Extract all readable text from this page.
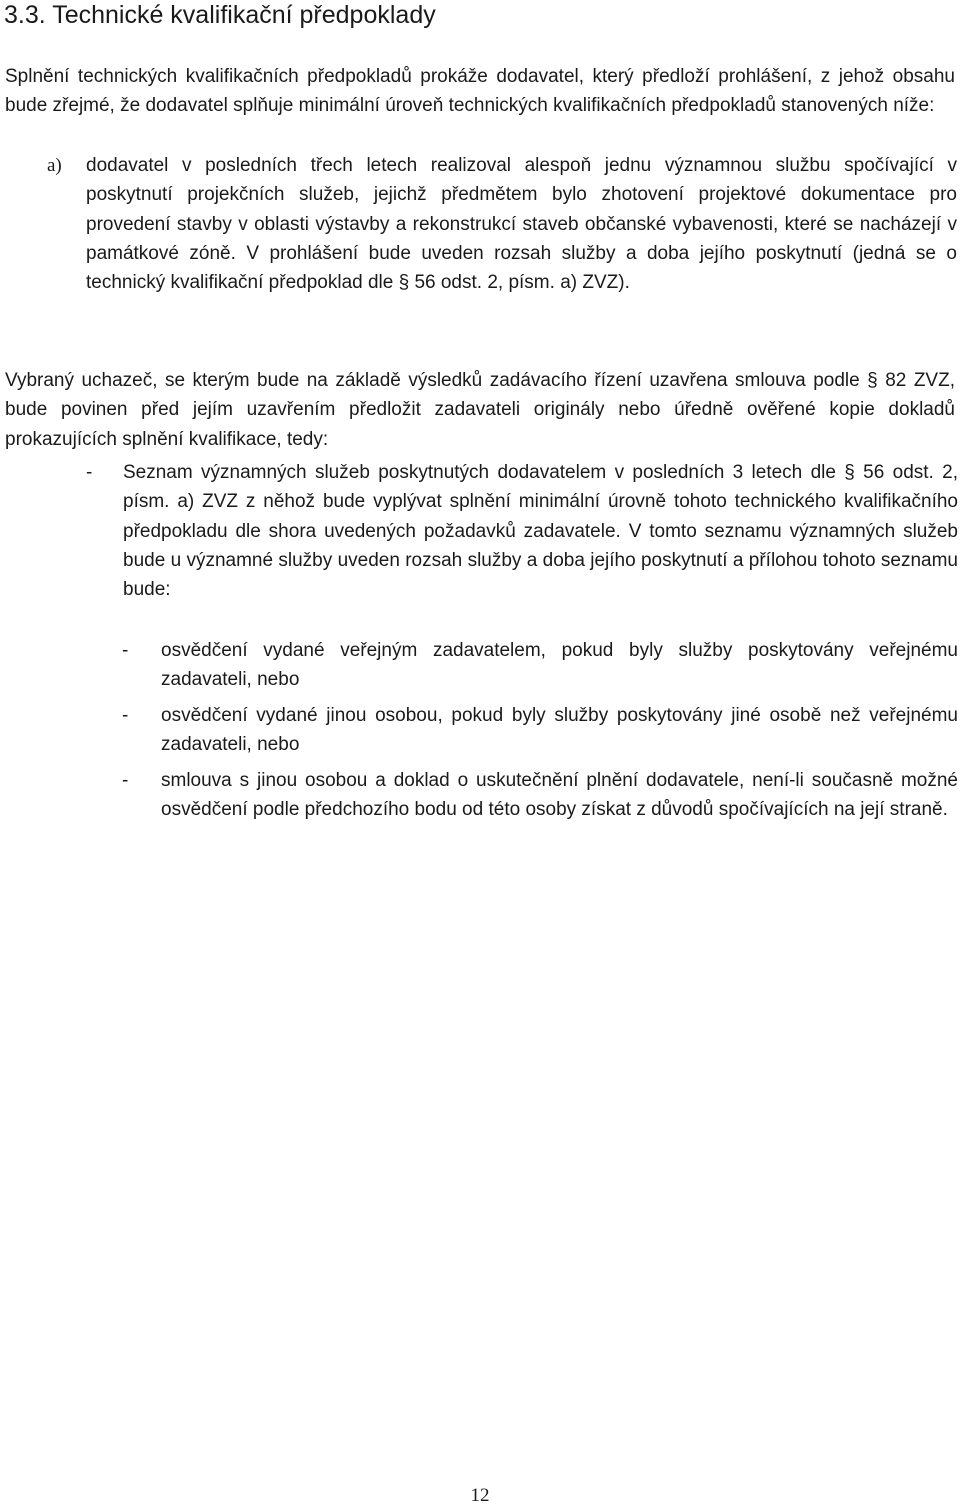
3.3. Technické kvalifikační předpoklady

Splnění technických kvalifikačních předpokladů prokáže dodavatel, který předloží prohlášení, z jehož obsahu bude zřejmé, že dodavatel splňuje minimální úroveň technických kvalifikačních předpokladů stanovených níže:

a) dodavatel v posledních třech letech realizoval alespoň jednu významnou službu spočívající v poskytnutí projekčních služeb, jejichž předmětem bylo zhotovení projektové dokumentace pro provedení stavby v oblasti výstavby a rekonstrukcí staveb občanské vybavenosti, které se nacházejí v památkové zóně. V prohlášení bude uveden rozsah služby a doba jejího poskytnutí (jedná se o technický kvalifikační předpoklad dle § 56 odst. 2, písm. a) ZVZ).

Vybraný uchazeč, se kterým bude na základě výsledků zadávacího řízení uzavřena smlouva podle § 82 ZVZ, bude povinen před jejím uzavřením předložit zadavateli originály nebo úředně ověřené kopie dokladů prokazujících splnění kvalifikace, tedy:

- Seznam významných služeb poskytnutých dodavatelem v posledních 3 letech dle § 56 odst. 2, písm. a) ZVZ z něhož bude vyplývat splnění minimální úrovně tohoto technického kvalifikačního předpokladu dle shora uvedených požadavků zadavatele. V tomto seznamu významných služeb bude u významné služby uveden rozsah služby a doba jejího poskytnutí a přílohou tohoto seznamu bude:

- osvědčení vydané veřejným zadavatelem, pokud byly služby poskytovány veřejnému zadavateli, nebo

- osvědčení vydané jinou osobou, pokud byly služby poskytovány jiné osobě než veřejnému zadavateli, nebo

- smlouva s jinou osobou a doklad o uskutečnění plnění dodavatele, není-li současně možné osvědčení podle předchozího bodu od této osoby získat z důvodů spočívajících na její straně.

12
